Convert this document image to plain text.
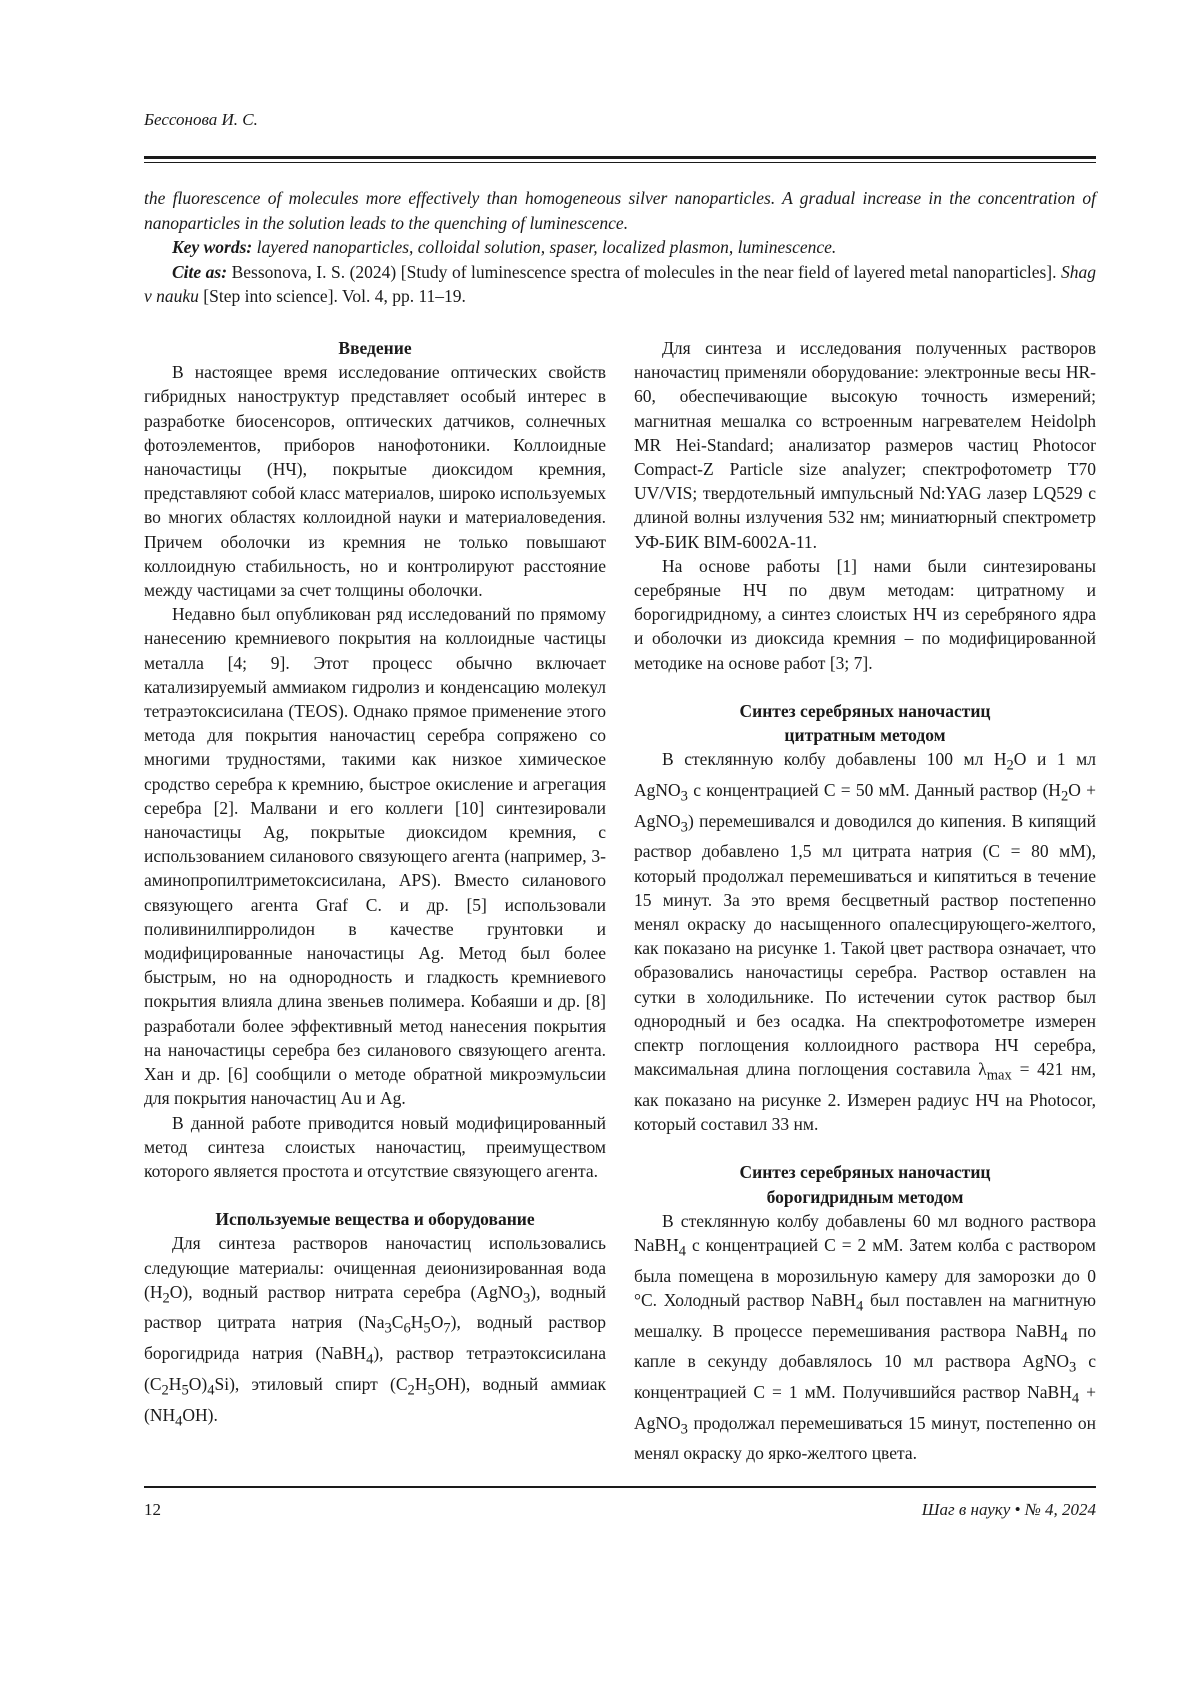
Бессонова И. С.

the fluorescence of molecules more effectively than homogeneous silver nanoparticles. A gradual increase in the concentration of nanoparticles in the solution leads to the quenching of luminescence.

Key words: layered nanoparticles, colloidal solution, spaser, localized plasmon, luminescence.

Cite as: Bessonova, I. S. (2024) [Study of luminescence spectra of molecules in the near field of layered metal nanoparticles]. Shag v nauku [Step into science]. Vol. 4, pp. 11–19.

Введение

В настоящее время исследование оптических свойств гибридных наноструктур представляет особый интерес в разработке биосенсоров, оптических датчиков, солнечных фотоэлементов, приборов нанофотоники. Коллоидные наночастицы (НЧ), покрытые диоксидом кремния, представляют собой класс материалов, широко используемых во многих областях коллоидной науки и материаловедения. Причем оболочки из кремния не только повышают коллоидную стабильность, но и контролируют расстояние между частицами за счет толщины оболочки.

Недавно был опубликован ряд исследований по прямому нанесению кремниевого покрытия на коллоидные частицы металла [4; 9]. Этот процесс обычно включает катализируемый аммиаком гидролиз и конденсацию молекул тетраэтоксисилана (TEOS). Однако прямое применение этого метода для покрытия наночастиц серебра сопряжено со многими трудностями, такими как низкое химическое сродство серебра к кремнию, быстрое окисление и агрегация серебра [2]. Малвани и его коллеги [10] синтезировали наночастицы Ag, покрытые диоксидом кремния, с использованием силанового связующего агента (например, 3-аминопропилтриметоксисилана, APS). Вместо силанового связующего агента Graf C. и др. [5] использовали поливинилпирролидон в качестве грунтовки и модифицированные наночастицы Ag. Метод был более быстрым, но на однородность и гладкость кремниевого покрытия влияла длина звеньев полимера. Кобаяши и др. [8] разработали более эффективный метод нанесения покрытия на наночастицы серебра без силанового связующего агента. Хан и др. [6] сообщили о методе обратной микроэмульсии для покрытия наночастиц Au и Ag.

В данной работе приводится новый модифицированный метод синтеза слоистых наночастиц, преимуществом которого является простота и отсутствие связующего агента.

Используемые вещества и оборудование

Для синтеза растворов наночастиц использовались следующие материалы: очищенная деионизированная вода $(H_2O)$, водный раствор нитрата серебра (AgNO$_3$), водный раствор цитрата натрия $(Na_3C_6H_5O_7)$, водный раствор борогидрида натрия (NaBH$_4$), раствор тетраэтоксисилана $(C_2H_5O)_4Si$), этиловый спирт $(C_2H_5OH)$, водный аммиак $(NH_4OH)$.

Для синтеза и исследования полученных растворов наночастиц применяли оборудование: электронные весы HR-60, обеспечивающие высокую точность измерений; магнитная мешалка со встроенным нагревателем Heidolph MR Hei-Standard; анализатор размеров частиц Photocor Compact-Z Particle size analyzer; спектрофотометр T70 UV/VIS; твердотельный импульсный Nd:YAG лазер LQ529 с длиной волны излучения 532 нм; миниатюрный спектрометр УФ-БИК BIM-6002A-11.

На основе работы [1] нами были синтезированы серебряные НЧ по двум методам: цитратному и борогидридному, а синтез слоистых НЧ из серебряного ядра и оболочки из диоксида кремния – по модифицированной методике на основе работ [3; 7].

Синтез серебряных наночастиц
цитратным методом

В стеклянную колбу добавлены 100 мл $H_2O$ и 1 мл AgNO$_3$ с концентрацией C = 50 мМ. Данный раствор ($H_2O$ + AgNO$_3$) перемешивался и доводился до кипения. В кипящий раствор добавлено 1,5 мл цитрата натрия (C = 80 мМ), который продолжал перемешиваться и кипятиться в течение 15 минут. За это время бесцветный раствор постепенно менял окраску до насыщенного опалесцирующего-желтого, как показано на рисунке 1. Такой цвет раствора означает, что образовались наночастицы серебра. Раствор оставлен на сутки в холодильнике. По истечении суток раствор был однородный и без осадка. На спектрофотометре измерен спектр поглощения коллоидного раствора НЧ серебра, максимальная длина поглощения составила $\lambda_{max} = 421$ нм, как показано на рисунке 2. Измерен радиус НЧ на Photocor, который составил 33 нм.

Синтез серебряных наночастиц
борогидридным методом

В стеклянную колбу добавлены 60 мл водного раствора NaBH$_4$ с концентрацией C = 2 мМ. Затем колба с раствором была помещена в морозильную камеру для заморозки до 0 °C. Холодный раствор NaBH$_4$ был поставлен на магнитную мешалку. В процессе перемешивания раствора NaBH$_4$ по капле в секунду добавлялось 10 мл раствора AgNO$_3$ с концентрацией C = 1 мМ. Получившийся раствор NaBH$_4$ + AgNO$_3$ продолжал перемешиваться 15 минут, постепенно он менял окраску до ярко-желтого цвета.

12	Шаг в науку • № 4, 2024
